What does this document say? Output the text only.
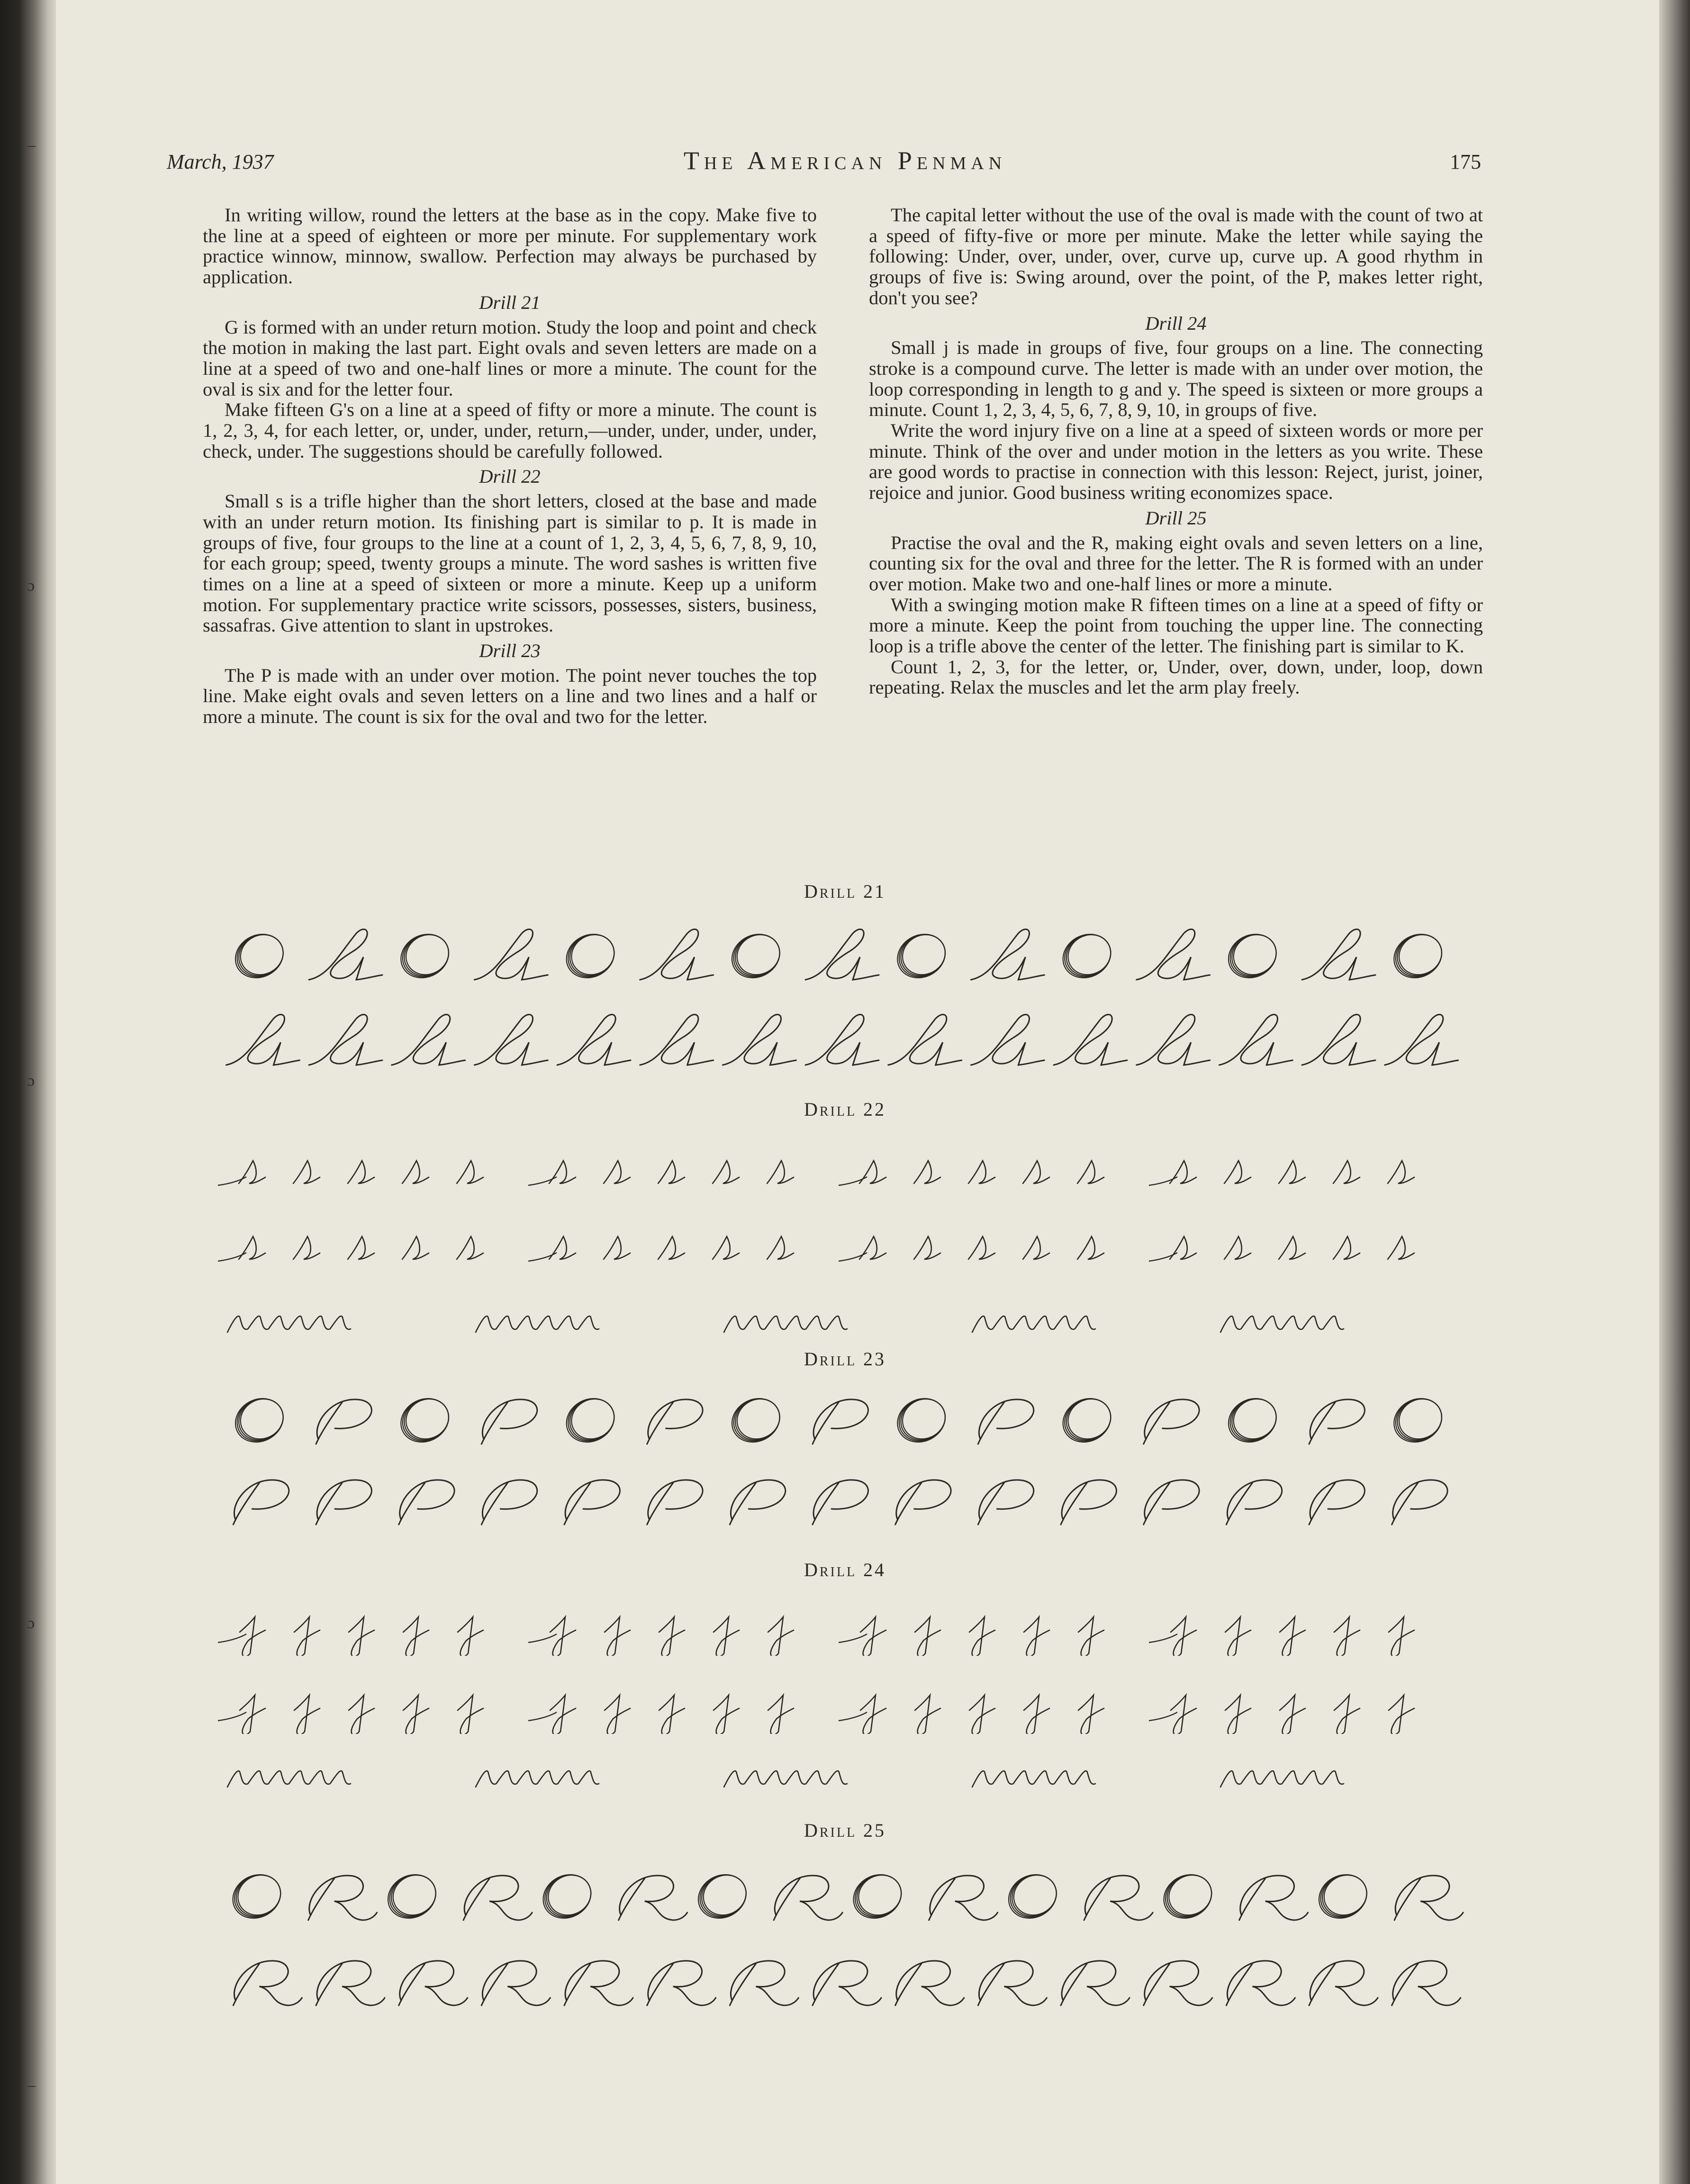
–
ɔ
ɔ
ɔ
–
March, 1937	The American Penman	175

In writing willow, round the letters at the base as in the copy. Make five to the line at a speed of eighteen or more per minute. For supplementary work practice winnow, minnow, swallow. Perfection may always be purchased by application.

Drill 21

G is formed with an under return motion. Study the loop and point and check the motion in making the last part. Eight ovals and seven letters are made on a line at a speed of two and one-half lines or more a minute. The count for the oval is six and for the letter four.

Make fifteen G's on a line at a speed of fifty or more a minute. The count is 1, 2, 3, 4, for each letter, or, under, under, return,—under, under, under, under, check, under. The suggestions should be carefully followed.

Drill 22

Small s is a trifle higher than the short letters, closed at the base and made with an under return motion. Its finishing part is similar to p. It is made in groups of five, four groups to the line at a count of 1, 2, 3, 4, 5, 6, 7, 8, 9, 10, for each group; speed, twenty groups a minute. The word sashes is written five times on a line at a speed of sixteen or more a minute. Keep up a uniform motion. For supplementary practice write scissors, possesses, sisters, business, sassafras. Give attention to slant in upstrokes.

Drill 23

The P is made with an under over motion. The point never touches the top line. Make eight ovals and seven letters on a line and two lines and a half or more a minute. The count is six for the oval and two for the letter.

The capital letter without the use of the oval is made with the count of two at a speed of fifty-five or more per minute. Make the letter while saying the following: Under, over, under, over, curve up, curve up. A good rhythm in groups of five is: Swing around, over the point, of the P, makes letter right, don't you see?

Drill 24

Small j is made in groups of five, four groups on a line. The connecting stroke is a compound curve. The letter is made with an under over motion, the loop corresponding in length to g and y. The speed is sixteen or more groups a minute. Count 1, 2, 3, 4, 5, 6, 7, 8, 9, 10, in groups of five.

Write the word injury five on a line at a speed of sixteen words or more per minute. Think of the over and under motion in the letters as you write. These are good words to practise in connection with this lesson: Reject, jurist, joiner, rejoice and junior. Good business writing economizes space.

Drill 25

Practise the oval and the R, making eight ovals and seven letters on a line, counting six for the oval and three for the letter. The R is formed with an under over motion. Make two and one-half lines or more a minute.

With a swinging motion make R fifteen times on a line at a speed of fifty or more a minute. Keep the point from touching the upper line. The connecting loop is a trifle above the center of the letter. The finishing part is similar to K.

Count 1, 2, 3, for the letter, or, Under, over, down, under, loop, down repeating. Relax the muscles and let the arm play freely.

Drill 21
Drill 22
Drill 23
Drill 24
Drill 25
